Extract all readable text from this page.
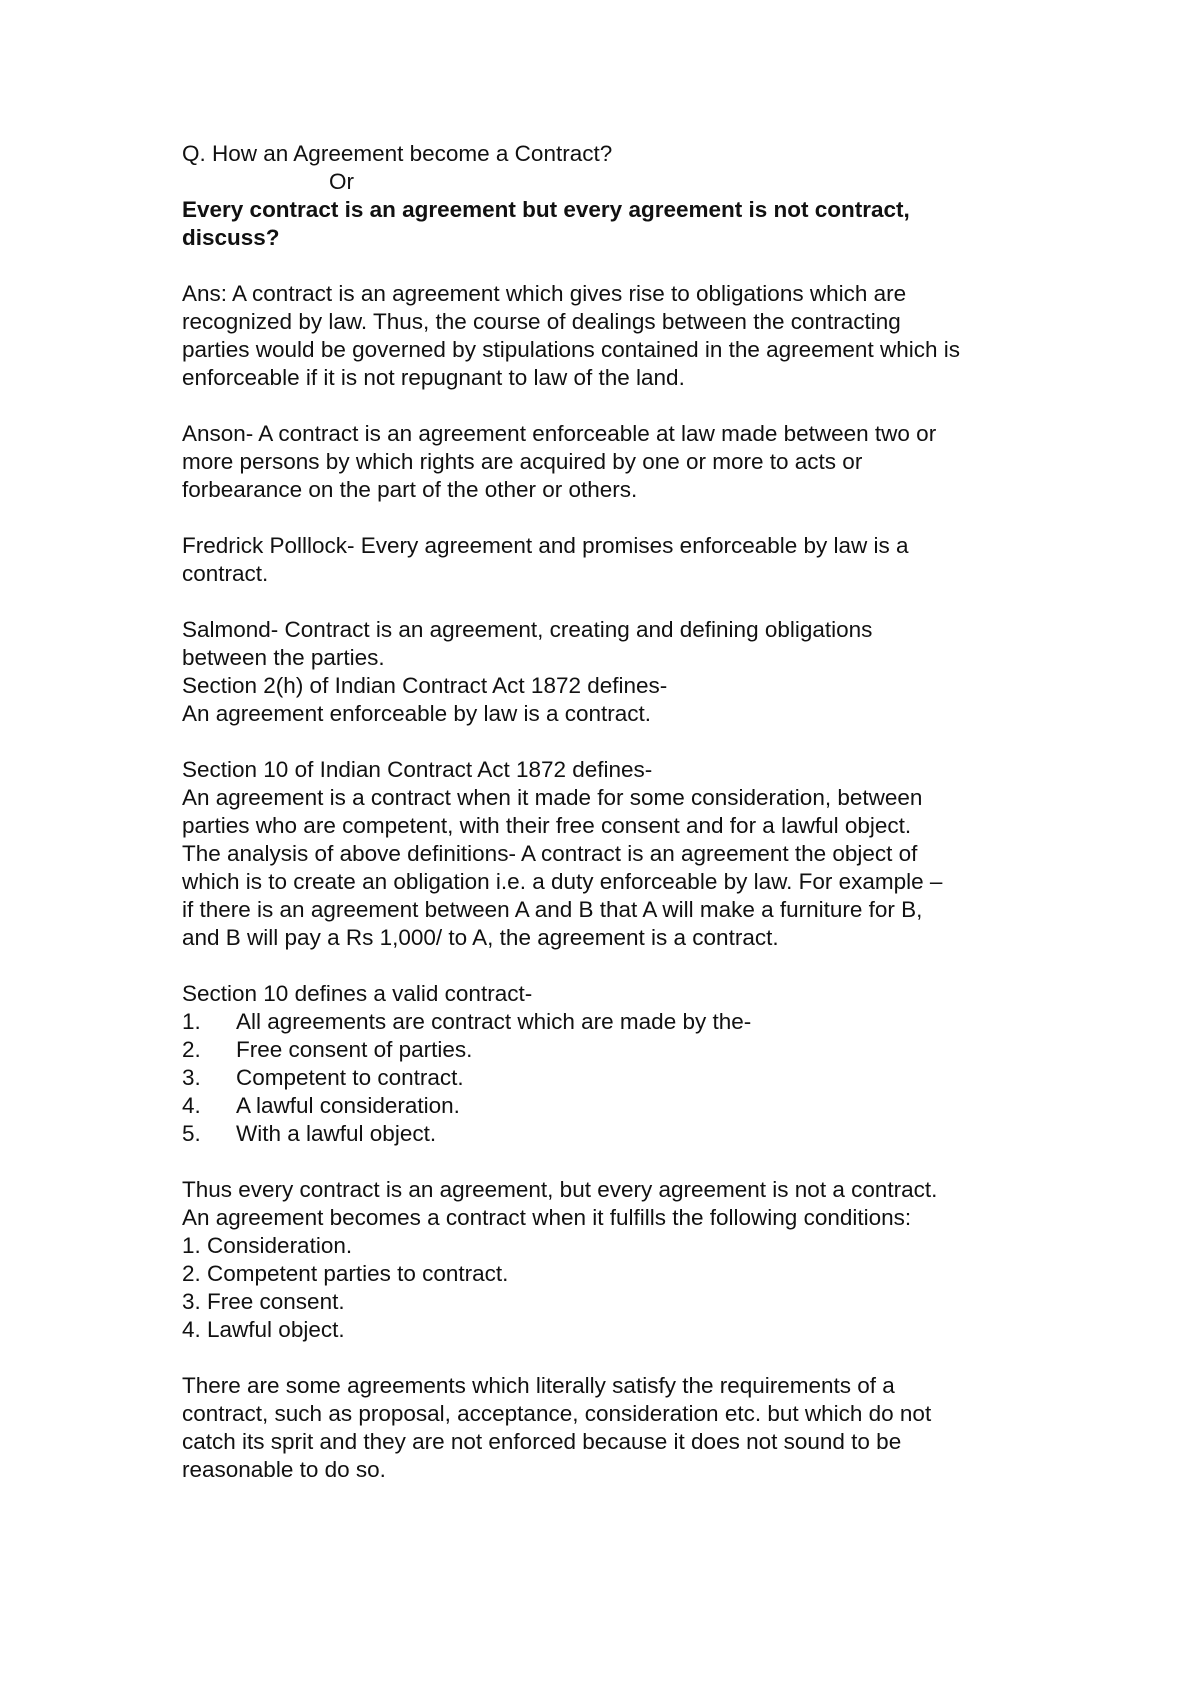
Q. How an Agreement become a Contract?
Or
Every contract is an agreement but every agreement is not contract,
discuss?
Ans: A contract is an agreement which gives rise to obligations which are
recognized by law. Thus, the course of dealings between the contracting
parties would be governed by stipulations contained in the agreement which is
enforceable if it is not repugnant to law of the land.
Anson- A contract is an agreement enforceable at law made between two or
more persons by which rights are acquired by one or more to acts or
forbearance on the part of the other or others.
Fredrick Polllock- Every agreement and promises enforceable by law is a
contract.
Salmond- Contract is an agreement, creating and defining obligations
between the parties.
Section 2(h) of Indian Contract Act 1872 defines-
An agreement enforceable by law is a contract.
Section 10 of Indian Contract Act 1872 defines-
An agreement is a contract when it made for some consideration, between
parties who are competent, with their free consent and for a lawful object.
The analysis of above definitions- A contract is an agreement the object of
which is to create an obligation i.e. a duty enforceable by law. For example –
if there is an agreement between A and B that A will make a furniture for B,
and B will pay a Rs 1,000/ to A, the agreement is a contract.
Section 10 defines a valid contract-
1.	All agreements are contract which are made by the-
2.	Free consent of parties.
3.	Competent to contract.
4.	A lawful consideration.
5.	With a lawful object.
Thus every contract is an agreement, but every agreement is not a contract.
An agreement becomes a contract when it fulfills the following conditions:
1. Consideration.
2. Competent parties to contract.
3. Free consent.
4. Lawful object.
There are some agreements which literally satisfy the requirements of a
contract, such as proposal, acceptance, consideration etc. but which do not
catch its sprit and they are not enforced because it does not sound to be
reasonable to do so.
